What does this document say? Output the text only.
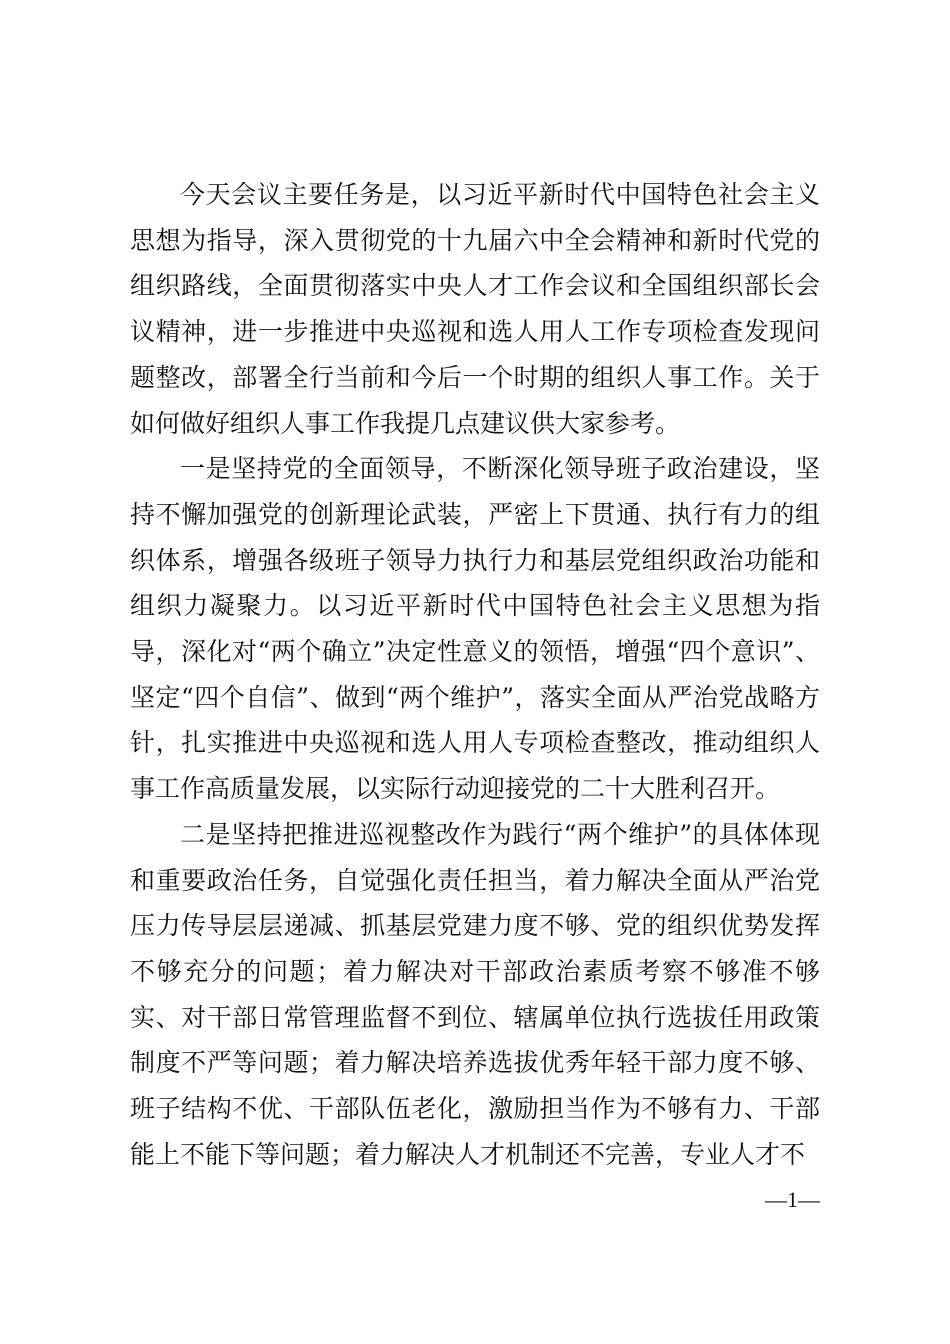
今天会议主要任务是，以习近平新时代中国特色社会主义思想为指导，深入贯彻党的十九届六中全会精神和新时代党的组织路线，全面贯彻落实中央人才工作会议和全国组织部长会议精神，进一步推进中央巡视和选人用人工作专项检查发现问题整改，部署全行当前和今后一个时期的组织人事工作。关于如何做好组织人事工作我提几点建议供大家参考。

一是坚持党的全面领导，不断深化领导班子政治建设，坚持不懈加强党的创新理论武装，严密上下贯通、执行有力的组织体系，增强各级班子领导力执行力和基层党组织政治功能和组织力凝聚力。以习近平新时代中国特色社会主义思想为指导，深化对“两个确立”决定性意义的领悟，增强“四个意识”、坚定“四个自信”、做到“两个维护”，落实全面从严治党战略方针，扎实推进中央巡视和选人用人专项检查整改，推动组织人事工作高质量发展，以实际行动迎接党的二十大胜利召开。

二是坚持把推进巡视整改作为践行“两个维护”的具体体现和重要政治任务，自觉强化责任担当，着力解决全面从严治党压力传导层层递减、抓基层党建力度不够、党的组织优势发挥不够充分的问题；着力解决对干部政治素质考察不够准不够实、对干部日常管理监督不到位、辖属单位执行选拔任用政策制度不严等问题；着力解决培养选拔优秀年轻干部力度不够、班子结构不优、干部队伍老化，激励担当作为不够有力、干部能上不能下等问题；着力解决人才机制还不完善，专业人才不

—1—
